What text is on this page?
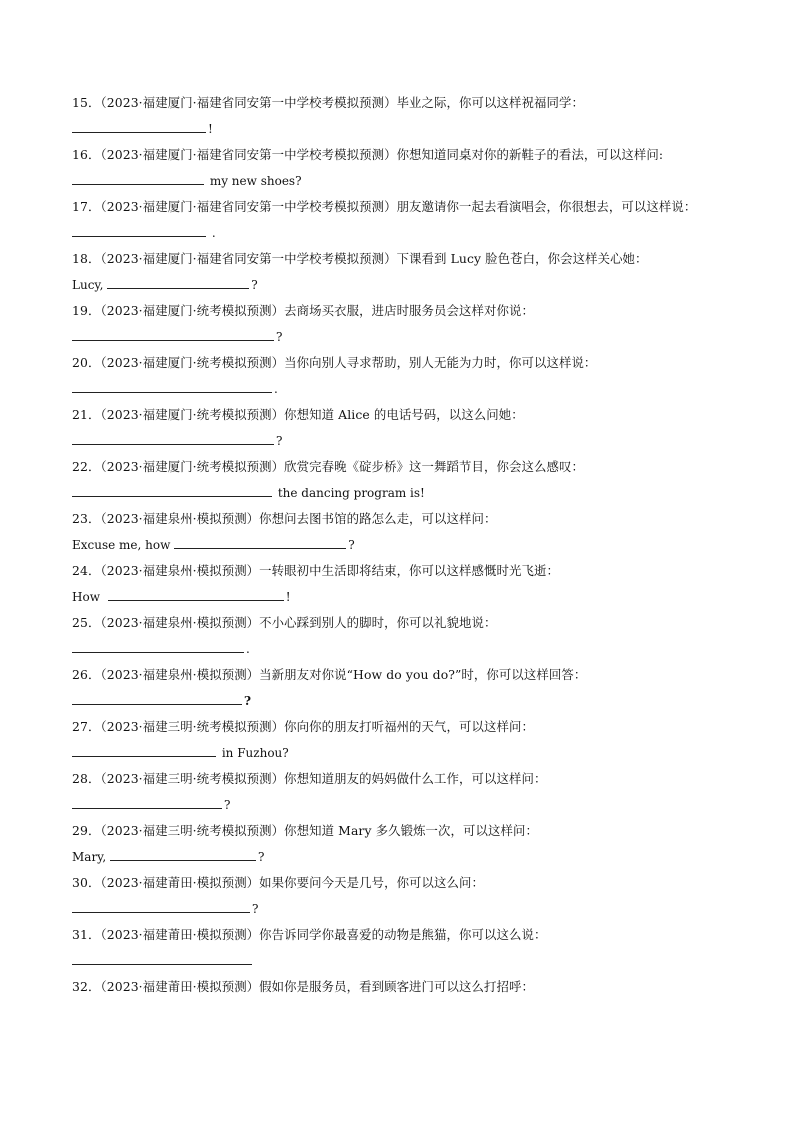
15．（2023·福建厦门·福建省同安第一中学校考模拟预测）毕业之际，你可以这样祝福同学：
!
16．（2023·福建厦门·福建省同安第一中学校考模拟预测）你想知道同桌对你的新鞋子的看法，可以这样问:
my new shoes?
17．（2023·福建厦门·福建省同安第一中学校考模拟预测）朋友邀请你一起去看演唱会，你很想去，可以这样说：
.
18．（2023·福建厦门·福建省同安第一中学校考模拟预测）下课看到 Lucy 脸色苍白，你会这样关心她：
Lucy,	?
19．（2023·福建厦门·统考模拟预测）去商场买衣服，进店时服务员会这样对你说：
?
20．（2023·福建厦门·统考模拟预测）当你向别人寻求帮助，别人无能为力时，你可以这样说：
.
21．（2023·福建厦门·统考模拟预测）你想知道 Alice 的电话号码，以这么问她：
?
22．（2023·福建厦门·统考模拟预测）欣赏完春晚《碇步桥》这一舞蹈节目，你会这么感叹：
the dancing program is!
23．（2023·福建泉州·模拟预测）你想问去图书馆的路怎么走，可以这样问：
Excuse me, how	?
24．（2023·福建泉州·模拟预测）一转眼初中生活即将结束，你可以这样感慨时光飞逝：
How	!
25．（2023·福建泉州·模拟预测）不小心踩到别人的脚时，你可以礼貌地说：
.
26．（2023·福建泉州·模拟预测）当新朋友对你说“How do you do?”时，你可以这样回答：
?
27．（2023·福建三明·统考模拟预测）你向你的朋友打听福州的天气，可以这样问：
in Fuzhou?
28．（2023·福建三明·统考模拟预测）你想知道朋友的妈妈做什么工作，可以这样问：
?
29．（2023·福建三明·统考模拟预测）你想知道 Mary 多久锻炼一次，可以这样问：
Mary,	?
30．（2023·福建莆田·模拟预测）如果你要问今天是几号，你可以这么问：
?
31．（2023·福建莆田·模拟预测）你告诉同学你最喜爱的动物是熊猫，你可以这么说：
32．（2023·福建莆田·模拟预测）假如你是服务员，看到顾客进门可以这么打招呼：
